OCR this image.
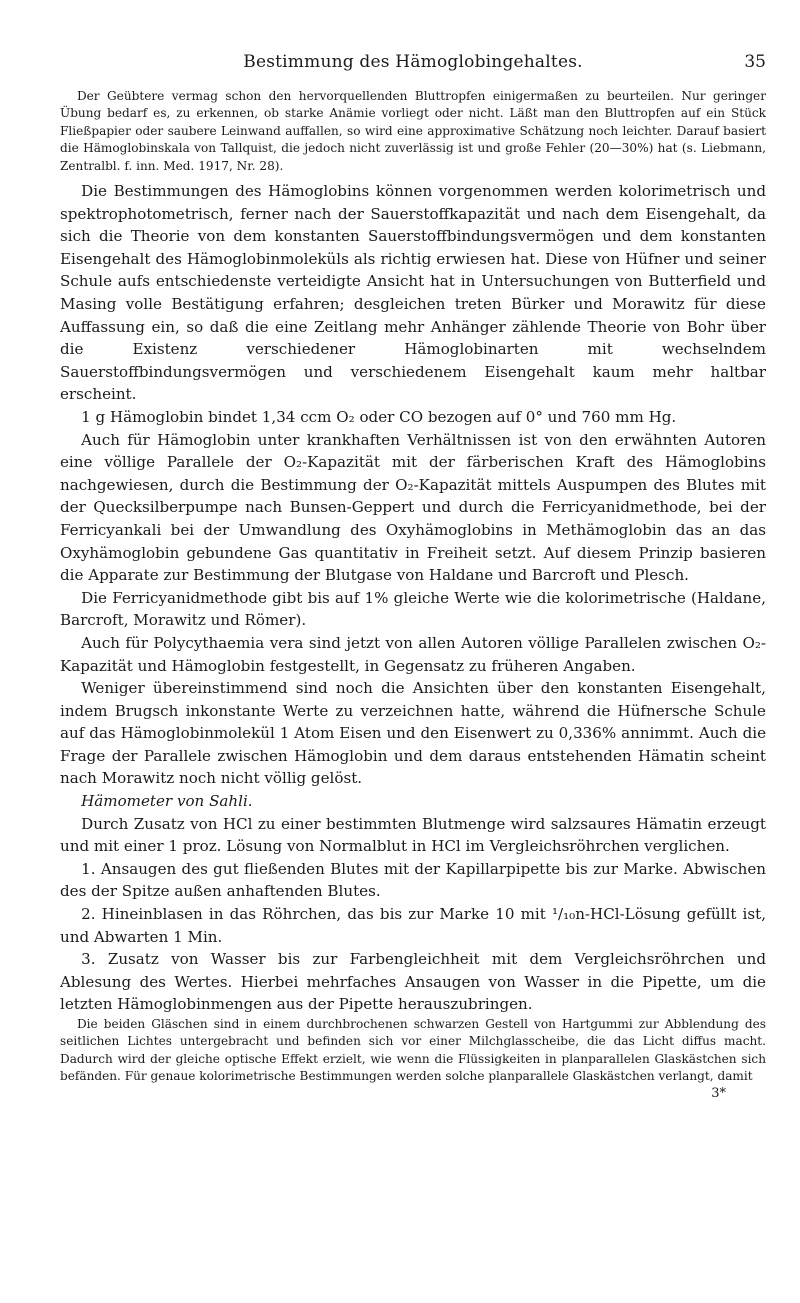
Bestimmung des Hämoglobingehaltes.	35

Der Geübtere vermag schon den hervorquellenden Bluttropfen einigermaßen zu beurteilen. Nur geringer Übung bedarf es, zu erkennen, ob starke Anämie vorliegt oder nicht. Läßt man den Bluttropfen auf ein Stück Fließpapier oder saubere Leinwand auffallen, so wird eine approximative Schätzung noch leichter. Darauf basiert die Hämoglobinskala von Tallquist, die jedoch nicht zuverlässig ist und große Fehler (20—30%) hat (s. Liebmann, Zentralbl. f. inn. Med. 1917, Nr. 28).

Die Bestimmungen des Hämoglobins können vorgenommen werden kolorimetrisch und spektrophotometrisch, ferner nach der Sauerstoffkapazität und nach dem Eisengehalt, da sich die Theorie von dem konstanten Sauerstoffbindungsvermögen und dem konstanten Eisengehalt des Hämoglobinmoleküls als richtig erwiesen hat. Diese von Hüfner und seiner Schule aufs entschiedenste verteidigte Ansicht hat in Untersuchungen von Butterfield und Masing volle Bestätigung erfahren; desgleichen treten Bürker und Morawitz für diese Auffassung ein, so daß die eine Zeitlang mehr Anhänger zählende Theorie von Bohr über die Existenz verschiedener Hämoglobinarten mit wechselndem Sauerstoffbindungsvermögen und verschiedenem Eisengehalt kaum mehr haltbar erscheint.

1 g Hämoglobin bindet 1,34 ccm O₂ oder CO bezogen auf 0° und 760 mm Hg.

Auch für Hämoglobin unter krankhaften Verhältnissen ist von den erwähnten Autoren eine völlige Parallele der O₂-Kapazität mit der färberischen Kraft des Hämoglobins nachgewiesen, durch die Bestimmung der O₂-Kapazität mittels Auspumpen des Blutes mit der Quecksilberpumpe nach Bunsen-Geppert und durch die Ferricyanidmethode, bei der Ferricyankali bei der Umwandlung des Oxyhämoglobins in Methämoglobin das an das Oxyhämoglobin gebundene Gas quantitativ in Freiheit setzt. Auf diesem Prinzip basieren die Apparate zur Bestimmung der Blutgase von Haldane und Barcroft und Plesch.

Die Ferricyanidmethode gibt bis auf 1% gleiche Werte wie die kolorimetrische (Haldane, Barcroft, Morawitz und Römer).

Auch für Polycythaemia vera sind jetzt von allen Autoren völlige Parallelen zwischen O₂-Kapazität und Hämoglobin festgestellt, in Gegensatz zu früheren Angaben.

Weniger übereinstimmend sind noch die Ansichten über den konstanten Eisengehalt, indem Brugsch inkonstante Werte zu verzeichnen hatte, während die Hüfnersche Schule auf das Hämoglobinmolekül 1 Atom Eisen und den Eisenwert zu 0,336% annimmt. Auch die Frage der Parallele zwischen Hämoglobin und dem daraus entstehenden Hämatin scheint nach Morawitz noch nicht völlig gelöst.

Hämometer von Sahli.

Durch Zusatz von HCl zu einer bestimmten Blutmenge wird salzsaures Hämatin erzeugt und mit einer 1 proz. Lösung von Normalblut in HCl im Vergleichsröhrchen verglichen.

1. Ansaugen des gut fließenden Blutes mit der Kapillarpipette bis zur Marke. Abwischen des der Spitze außen anhaftenden Blutes.

2. Hineinblasen in das Röhrchen, das bis zur Marke 10 mit ¹/₁₀n-HCl-Lösung gefüllt ist, und Abwarten 1 Min.

3. Zusatz von Wasser bis zur Farbengleichheit mit dem Vergleichsröhrchen und Ablesung des Wertes. Hierbei mehrfaches Ansaugen von Wasser in die Pipette, um die letzten Hämoglobinmengen aus der Pipette herauszubringen.

Die beiden Gläschen sind in einem durchbrochenen schwarzen Gestell von Hartgummi zur Abblendung des seitlichen Lichtes untergebracht und befinden sich vor einer Milchglasscheibe, die das Licht diffus macht. Dadurch wird der gleiche optische Effekt erzielt, wie wenn die Flüssigkeiten in planparallelen Glaskästchen sich befänden. Für genaue kolorimetrische Bestimmungen werden solche planparallele Glaskästchen verlangt, damit

3*
